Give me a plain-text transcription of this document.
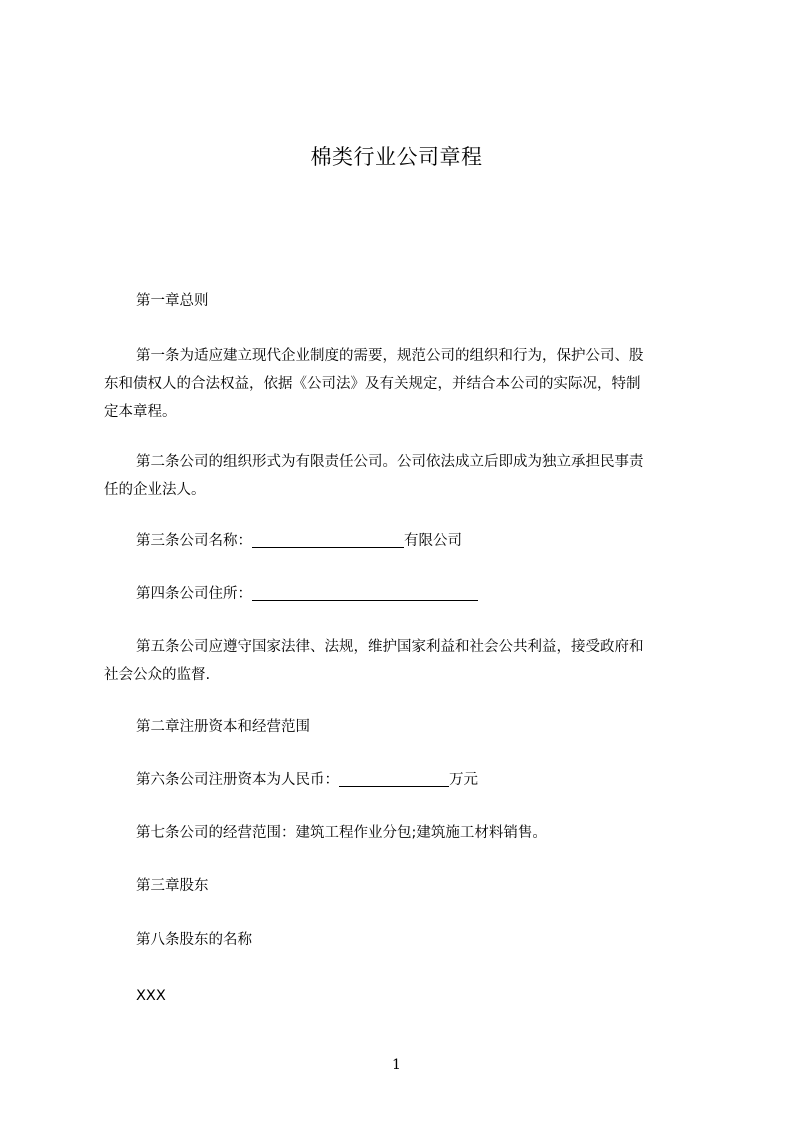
棉类行业公司章程

第一章总则

第一条为适应建立现代企业制度的需要，规范公司的组织和行为，保护公司、股
东和债权人的合法权益，依据《公司法》及有关规定，并结合本公司的实际况，特制
定本章程。

第二条公司的组织形式为有限责任公司。公司依法成立后即成为独立承担民事责
任的企业法人。

第三条公司名称：	有限公司

第四条公司住所：

第五条公司应遵守国家法律、法规，维护国家利益和社会公共利益，接受政府和
社会公众的监督.

第二章注册资本和经营范围

第六条公司注册资本为人民币：	万元

第七条公司的经营范围：建筑工程作业分包;建筑施工材料销售。

第三章股东

第八条股东的名称

XXX

1
